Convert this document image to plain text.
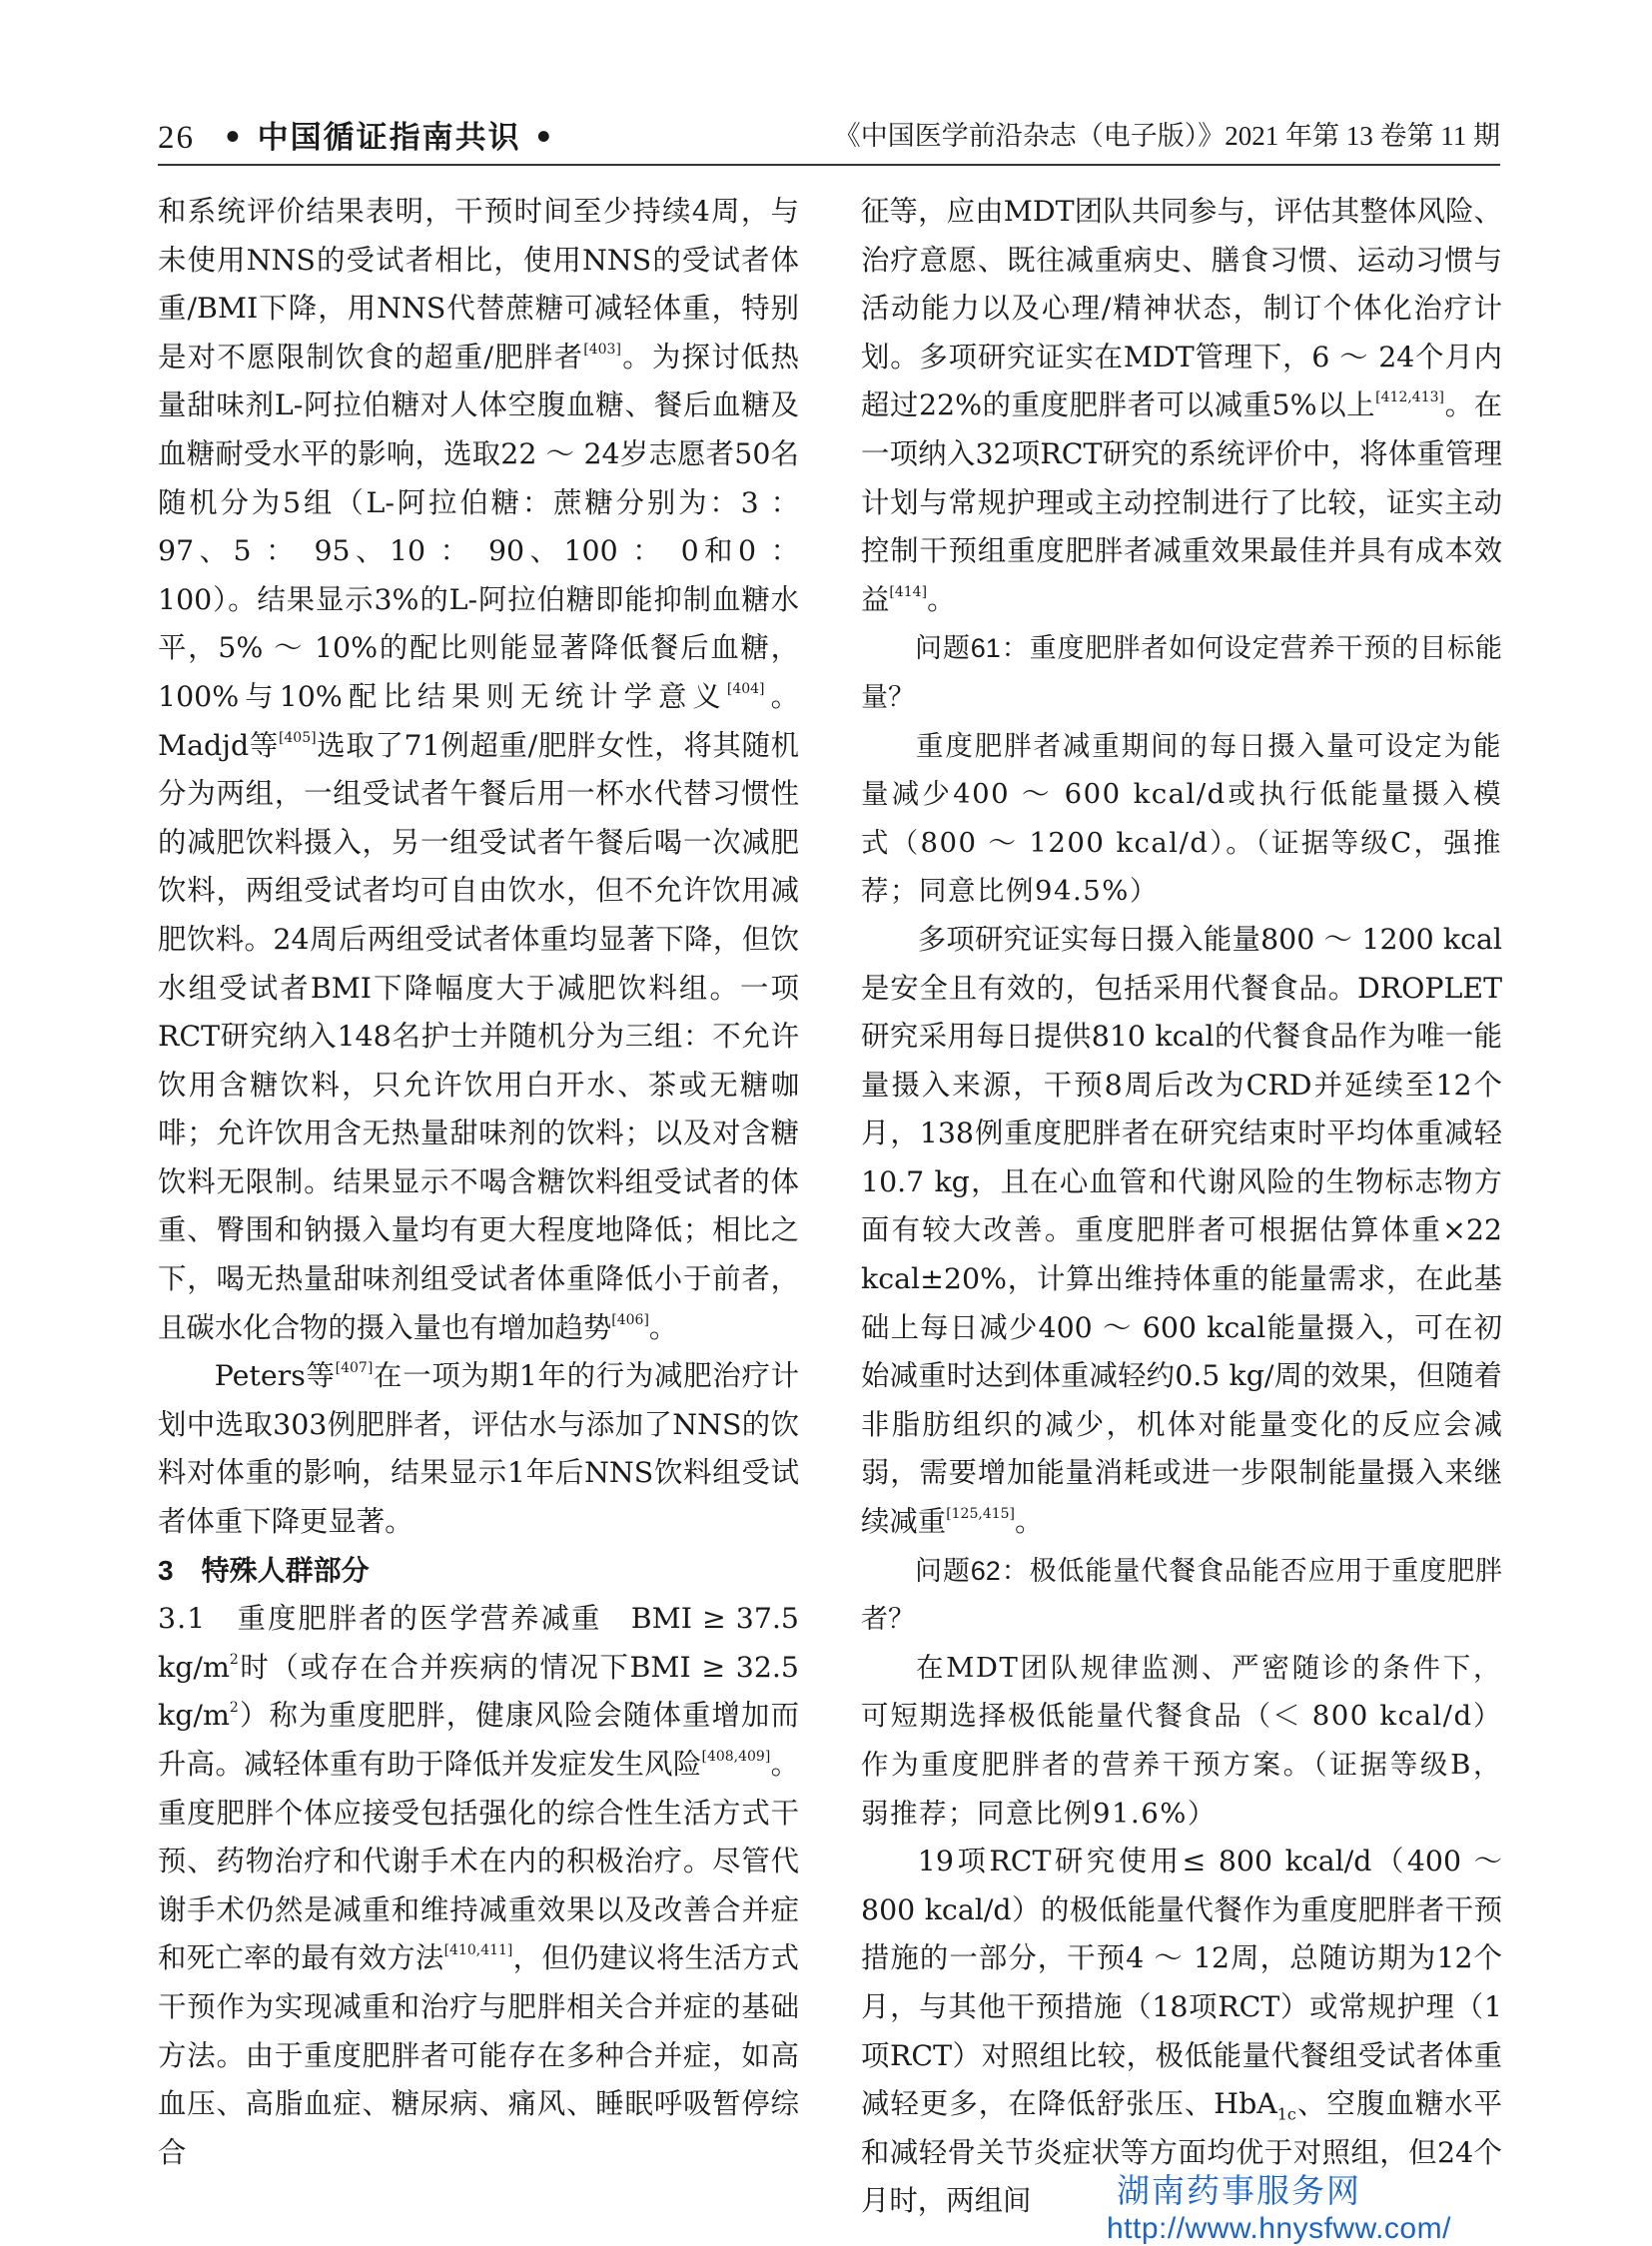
26 • 中国循证指南共识 •	《中国医学前沿杂志（电子版）》2021 年第 13 卷第 11 期

和系统评价结果表明，干预时间至少持续4周，与未使用NNS的受试者相比，使用NNS的受试者体重/BMI下降，用NNS代替蔗糖可减轻体重，特别是对不愿限制饮食的超重/肥胖者[403]。为探讨低热量甜味剂L-阿拉伯糖对人体空腹血糖、餐后血糖及血糖耐受水平的影响，选取22 ～ 24岁志愿者50名随机分为5组（L-阿拉伯糖：蔗糖分别为：3 ： 97、5 ： 95、10 ： 90、100 ： 0和0 ： 100）。结果显示3%的L-阿拉伯糖即能抑制血糖水平，5% ～ 10%的配比则能显著降低餐后血糖，100%与10%配比结果则无统计学意义[404]。Madjd等[405]选取了71例超重/肥胖女性，将其随机分为两组，一组受试者午餐后用一杯水代替习惯性的减肥饮料摄入，另一组受试者午餐后喝一次减肥饮料，两组受试者均可自由饮水，但不允许饮用减肥饮料。24周后两组受试者体重均显著下降，但饮水组受试者BMI下降幅度大于减肥饮料组。一项RCT研究纳入148名护士并随机分为三组：不允许饮用含糖饮料，只允许饮用白开水、茶或无糖咖啡；允许饮用含无热量甜味剂的饮料；以及对含糖饮料无限制。结果显示不喝含糖饮料组受试者的体重、臀围和钠摄入量均有更大程度地降低；相比之下，喝无热量甜味剂组受试者体重降低小于前者，且碳水化合物的摄入量也有增加趋势[406]。

Peters等[407]在一项为期1年的行为减肥治疗计划中选取303例肥胖者，评估水与添加了NNS的饮料对体重的影响，结果显示1年后NNS饮料组受试者体重下降更显著。

3　特殊人群部分

3.1　重度肥胖者的医学营养减重　BMI ≥ 37.5 $kg/m^2$时（或存在合并疾病的情况下BMI ≥ 32.5 $kg/m^2$）称为重度肥胖，健康风险会随体重增加而升高。减轻体重有助于降低并发症发生风险[408,409]。重度肥胖个体应接受包括强化的综合性生活方式干预、药物治疗和代谢手术在内的积极治疗。尽管代谢手术仍然是减重和维持减重效果以及改善合并症和死亡率的最有效方法[410,411]，但仍建议将生活方式干预作为实现减重和治疗与肥胖相关合并症的基础方法。由于重度肥胖者可能存在多种合并症，如高血压、高脂血症、糖尿病、痛风、睡眠呼吸暂停综合

征等，应由MDT团队共同参与，评估其整体风险、治疗意愿、既往减重病史、膳食习惯、运动习惯与活动能力以及心理/精神状态，制订个体化治疗计划。多项研究证实在MDT管理下，6 ～ 24个月内超过22%的重度肥胖者可以减重5%以上[412,413]。在一项纳入32项RCT研究的系统评价中，将体重管理计划与常规护理或主动控制进行了比较，证实主动控制干预组重度肥胖者减重效果最佳并具有成本效益[414]。

问题61：重度肥胖者如何设定营养干预的目标能量？

重度肥胖者减重期间的每日摄入量可设定为能量减少400 ～ 600 kcal/d或执行低能量摄入模式（800 ～ 1200 kcal/d）。（证据等级C，强推荐；同意比例94.5%）

多项研究证实每日摄入能量800 ～ 1200 kcal是安全且有效的，包括采用代餐食品。DROPLET研究采用每日提供810 kcal的代餐食品作为唯一能量摄入来源，干预8周后改为CRD并延续至12个月，138例重度肥胖者在研究结束时平均体重减轻10.7 kg，且在心血管和代谢风险的生物标志物方面有较大改善。重度肥胖者可根据估算体重×22 kcal±20%，计算出维持体重的能量需求，在此基础上每日减少400 ～ 600 kcal能量摄入，可在初始减重时达到体重减轻约0.5 kg/周的效果，但随着非脂肪组织的减少，机体对能量变化的反应会减弱，需要增加能量消耗或进一步限制能量摄入来继续减重[125,415]。

问题62：极低能量代餐食品能否应用于重度肥胖者？

在MDT团队规律监测、严密随诊的条件下，可短期选择极低能量代餐食品（＜ 800 kcal/d）作为重度肥胖者的营养干预方案。（证据等级B，弱推荐；同意比例91.6%）

19项RCT研究使用≤ 800 kcal/d（400 ～ 800 kcal/d）的极低能量代餐作为重度肥胖者干预措施的一部分，干预4 ～ 12周，总随访期为12个月，与其他干预措施（18项RCT）或常规护理（1项RCT）对照组比较，极低能量代餐组受试者体重减轻更多，在降低舒张压、HbA$_{1c}$、空腹血糖水平和减轻骨关节炎症状等方面均优于对照组，但24个月时，两组间	湖南药事服务网
http://www.hnysfww.com/
